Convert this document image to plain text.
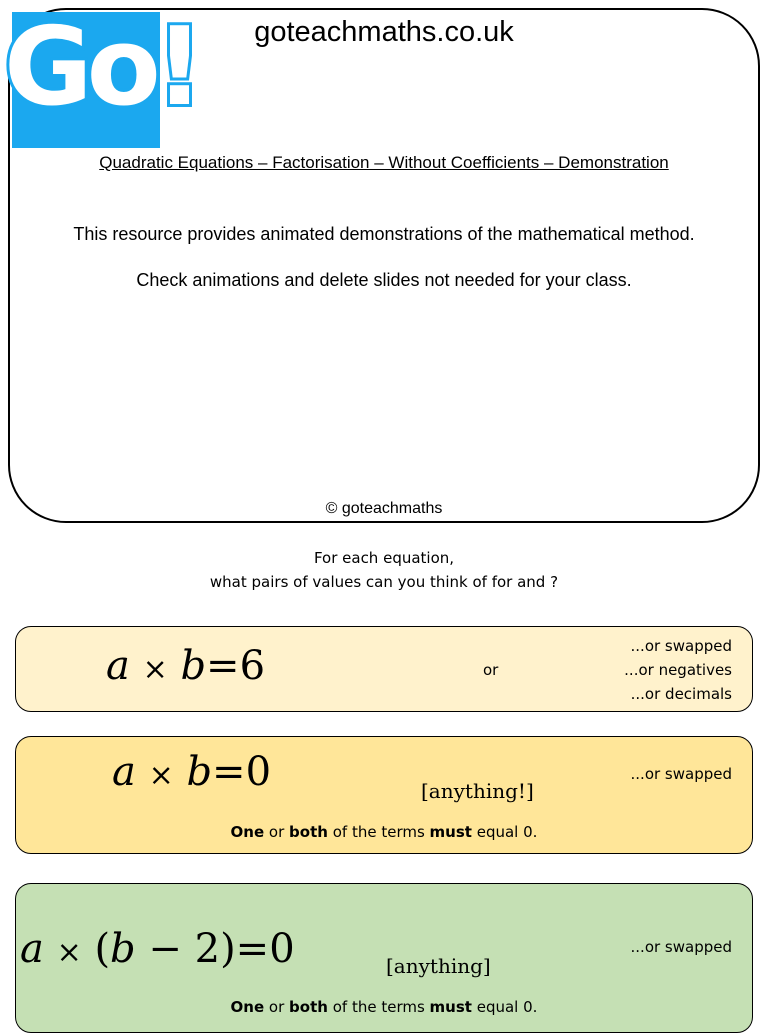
Go!	goteachmaths.co.uk
Quadratic Equations – Factorisation – Without Coefficients – Demonstration
This resource provides animated demonstrations of the mathematical method.
Check animations and delete slides not needed for your class.
© goteachmaths
For each equation,
what pairs of values can you think of for and ?
a × b=6	or
...or swapped
...or negatives
...or decimals
a × b=0	[anything!]
...or swapped
One or both of the terms must equal 0.
a × (b − 2)=0	[anything]
...or swapped
One or both of the terms must equal 0.
